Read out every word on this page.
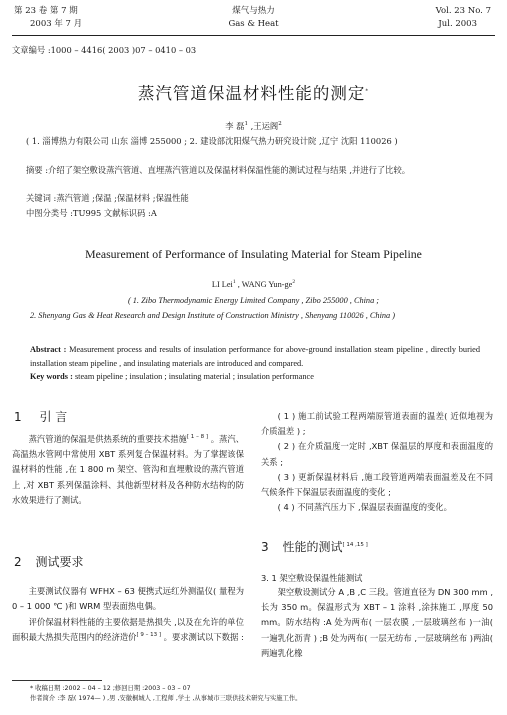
第 23 卷 第 7 期
2003 年 7 月
煤气与热力
Gas & Heat
Vol. 23 No. 7
Jul. 2003
文章编号 :1000 – 4416( 2003 )07 – 0410 – 03
蒸汽管道保温材料性能的测定*
李 磊$^1$ ,王运阁$^2$
( 1. 淄博热力有限公司 山东 淄博 255000 ; 2. 建设部沈阳煤气热力研究设计院 ,辽宁 沈阳 110026 )
摘要 :介绍了架空敷设蒸汽管道、直埋蒸汽管道以及保温材料保温性能的测试过程与结果 ,并进行了比较。
关键词 :蒸汽管道 ;保温 ;保温材料 ;保温性能
中图分类号 :TU995 文献标识码 :A
Measurement of Performance of Insulating Material for Steam Pipeline
LI Lei$^1$ , WANG Yun-$ge^2$
( 1. Zibo Thermodynamic Energy Limited Company , Zibo 255000 , China ;
2. Shenyang Gas & Heat Research and Design Institute of Construction Ministry , Shenyang 110026 , China )
Abstract : Measurement process and results of insulation performance for above-ground installation steam pipeline , directly buried installation steam pipeline , and insulating materials are introduced and compared.
Key words : steam pipeline ; insulation ; insulating material ; insulation performance
1 引 言
蒸汽管道的保温是供热系统的重要技术措施[ 1 – 8 ] 。蒸汽、高温热水管网中常使用 XBT 系列复合保温材料。为了掌握该保温材料的性能 ,在 1 800 m 架空、管沟和直埋敷设的蒸汽管道上 ,对 XBT 系列保温涂料、其他新型材料及各种防水结构的防水效果进行了测试。
2 测试要求
主要测试仪器有 WFHX – 63 便携式远红外测温仪( 量程为 0 – 1 000 ℃ )和 WRM 型表面热电偶。
评价保温材料性能的主要依据是热损失 ,以及在允许的单位面积最大热损失范围内的经济造价[ 9 – 13 ] 。要求测试以下数据 :

( 1 ) 施工前试验工程两端原管道表面的温差( 近似地视为介质温差 ) ;

( 2 ) 在介质温度一定时 ,XBT 保温层的厚度和表面温度的关系 ;

( 3 ) 更新保温材料后 ,施工段管道两端表面温差及在不同气候条件下保温层表面温度的变化 ;

( 4 ) 不同蒸汽压力下 ,保温层表面温度的变化。

3 性能的测试[ 14 ,15 ]
3. 1 架空敷设保温性能测试
架空敷设测试分 A ,B ,C 三段。管道直径为 DN 300 mm ,长为 350 m。保温形式为 XBT – 1 涂料 ,涂抹施工 ,厚度 50 mm。防水结构 :A 处为两布( 一层农膜 ,一层玻璃丝布 )一油( 一遍乳化沥青 ) ;B 处为两布( 一层无纺布 ,一层玻璃丝布 )两油( 两遍乳化橡
* 收稿日期 :2002 – 04 – 12 ;修回日期 :2003 – 03 – 07
作者简介 :李 磊( 1974— ) ,男 ,安徽桐城人 ,工程师 ,学士 ,从事城市三联供技术研究与实施工作。
